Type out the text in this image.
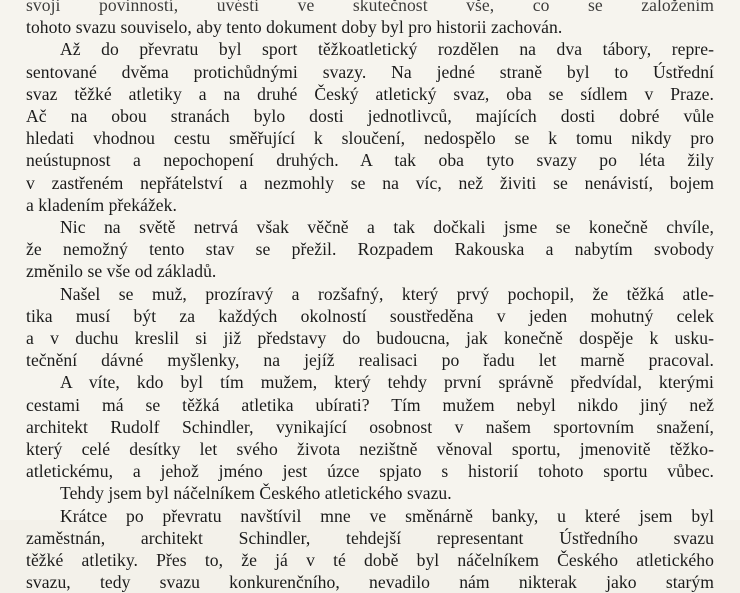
svoji povinností, uvésti ve skutečnost vše, co se založením
tohoto svazu souviselo, aby tento dokument doby byl pro historii zachován.
Až do převratu byl sport těžkoatletický rozdělen na dva tábory, repre-
sentované dvěma protichůdnými svazy. Na jedné straně byl to Ústřední
svaz těžké atletiky a na druhé Český atletický svaz, oba se sídlem v Praze.
Ač na obou stranách bylo dosti jednotlivců, majících dosti dobré vůle
hledati vhodnou cestu směřující k sloučení, nedospělo se k tomu nikdy pro
neústupnost a nepochopení druhých. A tak oba tyto svazy po léta žily
v zastřeném nepřátelství a nezmohly se na víc, než živiti se nenávistí, bojem
a kladením překážek.
Nic na světě netrvá však věčně a tak dočkali jsme se konečně chvíle,
že nemožný tento stav se přežil. Rozpadem Rakouska a nabytím svobody
změnilo se vše od základů.
Našel se muž, prozíravý a rozšafný, který prvý pochopil, že těžká atle-
tika musí být za každých okolností soustředěna v jeden mohutný celek
a v duchu kreslil si již představy do budoucna, jak konečně dospěje k usku-
tečnění dávné myšlenky, na jejíž realisaci po řadu let marně pracoval.
A víte, kdo byl tím mužem, který tehdy první správně předvídal, kterými
cestami má se těžká atletika ubírati? Tím mužem nebyl nikdo jiný než
architekt Rudolf Schindler, vynikající osobnost v našem sportovním snažení,
který celé desítky let svého života nezištně věnoval sportu, jmenovitě těžko-
atletickému, a jehož jméno jest úzce spjato s historií tohoto sportu vůbec.
Tehdy jsem byl náčelníkem Českého atletického svazu.
Krátce po převratu navštívil mne ve směnárně banky, u které jsem byl
zaměstnán, architekt Schindler, tehdejší representant Ústředního svazu
těžké atletiky. Přes to, že já v té době byl náčelníkem Českého atletického
svazu, tedy svazu konkurenčního, nevadilo nám nikterak jako starým
